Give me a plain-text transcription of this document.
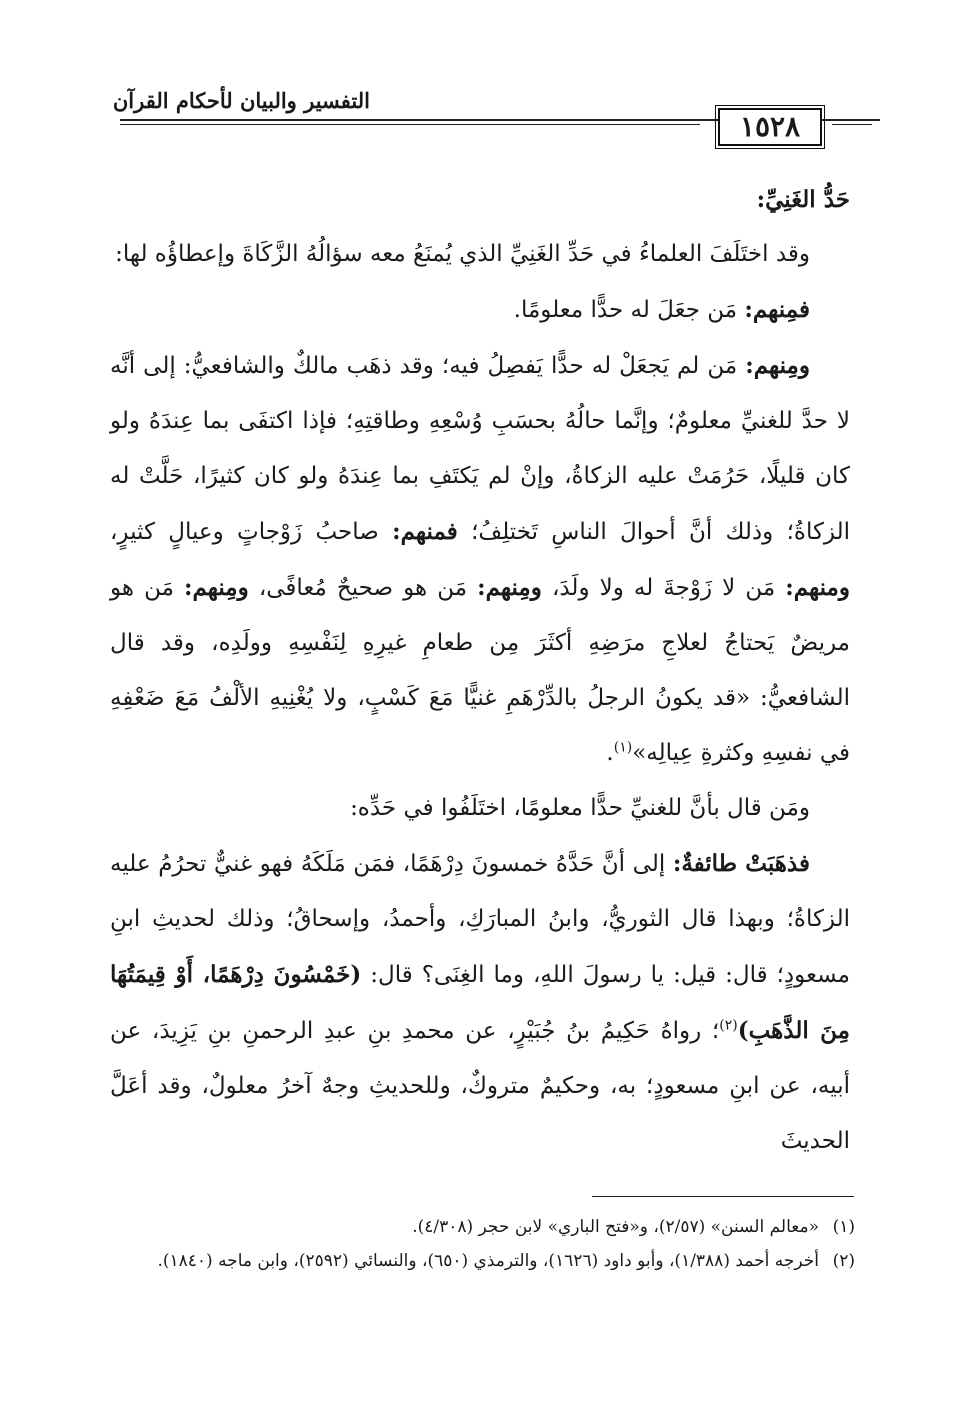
التفسير والبيان لأحكام القرآن
١٥٢٨

حَدُّ الغَنِيِّ:

وقد اختَلَفَ العلماءُ في حَدِّ الغَنِيِّ الذي يُمنَعُ معه سؤالُهُ الزَّكَاةَ وإعطاؤُه لها:

فمِنهم: مَن جعَلَ له حدًّا معلومًا.

ومِنهم: مَن لم يَجعَلْ له حدًّا يَفصِلُ فيه؛ وقد ذهَب مالكٌ والشافعيُّ: إلى أنَّه لا حدَّ للغنيِّ معلومٌ؛ وإنَّما حالُهُ بحسَبِ وُسْعِهِ وطاقتِهِ؛ فإذا اكتفَى بما عِندَهُ ولو كان قليلًا، حَرُمَتْ عليه الزكاةُ، وإنْ لم يَكتَفِ بما عِندَهُ ولو كان كثيرًا، حَلَّتْ له الزكاةُ؛ وذلك أنَّ أحوالَ الناسِ تَختلِفُ؛ فمنهم: صاحبُ زَوْجاتٍ وعيالٍ كثيرٍ، ومنهم: مَن لا زَوْجةَ له ولا ولَدَ، ومِنهم: مَن هو صحيحٌ مُعافًى، ومِنهم: مَن هو مريضٌ يَحتاجُ لعلاجِ مرَضِهِ أكثَرَ مِن طعامِ غيرِهِ لِنَفْسِهِ وولَدِه، وقد قال الشافعيُّ: «قد يكونُ الرجلُ بالدِّرْهَمِ غنيًّا مَعَ كَسْبٍ، ولا يُغْنِيهِ الألْفُ مَعَ ضَعْفِهِ في نفسِهِ وكثرةِ عِيالِه»$^{(١)}$.

ومَن قال بأنَّ للغنيِّ حدًّا معلومًا، اختَلَفُوا في حَدِّه:

فذهَبَتْ طائفةٌ: إلى أنَّ حَدَّهُ خمسونَ دِرْهَمًا، فمَن مَلَكَهُ فهو غنيٌّ تحرُمُ عليه الزكاةُ؛ وبهذا قال الثوريُّ، وابنُ المبارَكِ، وأحمدُ، وإسحاقُ؛ وذلك لحديثِ ابنِ مسعودٍ؛ قال: قيل: يا رسولَ اللهِ، وما الغِنَى؟ قال: (خَمْسُونَ دِرْهَمًا، أَوْ قِيمَتُهَا مِنَ الذَّهَبِ)$^{(٢)}$؛ رواهُ حَكِيمُ بنُ جُبَيْرٍ، عن محمدِ بنِ عبدِ الرحمنِ بنِ يَزِيدَ، عن أبيه، عن ابنِ مسعودٍ؛ به، وحكيمٌ متروكٌ، وللحديثِ وجهٌ آخرُ معلولٌ، وقد أعَلَّ الحديثَ

(١)«معالم السنن» (٢/٥٧)، و«فتح الباري» لابن حجر (٤/٣٠٨).

(٢)أخرجه أحمد (١/٣٨٨)، وأبو داود (١٦٢٦)، والترمذي (٦٥٠)، والنسائي (٢٥٩٢)، وابن ماجه (١٨٤٠).
